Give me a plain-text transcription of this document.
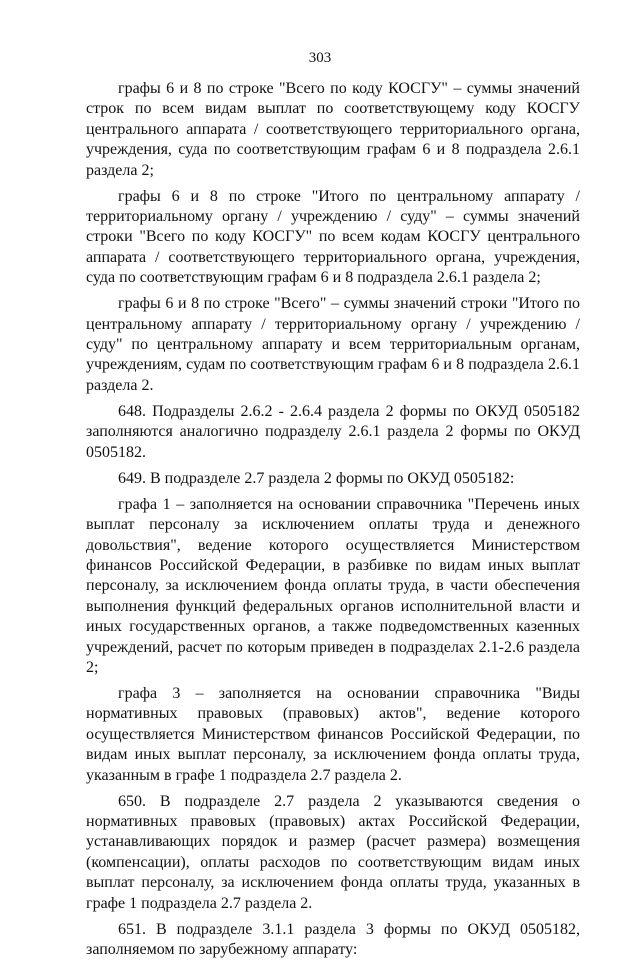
303

графы 6 и 8 по строке "Всего по коду КОСГУ" – суммы значений строк по всем видам выплат по соответствующему коду КОСГУ центрального аппарата / соответствующего территориального органа, учреждения, суда по соответствующим графам 6 и 8 подраздела 2.6.1 раздела 2;

графы 6 и 8 по строке "Итого по центральному аппарату / территориальному органу / учреждению / суду" – суммы значений строки "Всего по коду КОСГУ" по всем кодам КОСГУ центрального аппарата / соответствующего территориального органа, учреждения, суда по соответствующим графам 6 и 8 подраздела 2.6.1 раздела 2;

графы 6 и 8 по строке "Всего" – суммы значений строки "Итого по центральному аппарату / территориальному органу / учреждению / суду" по центральному аппарату и всем территориальным органам, учреждениям, судам по соответствующим графам 6 и 8 подраздела 2.6.1 раздела 2.

648. Подразделы 2.6.2 - 2.6.4 раздела 2 формы по ОКУД 0505182 заполняются аналогично подразделу 2.6.1 раздела 2 формы по ОКУД 0505182.

649. В подразделе 2.7 раздела 2 формы по ОКУД 0505182:

графа 1 – заполняется на основании справочника "Перечень иных выплат персоналу за исключением оплаты труда и денежного довольствия", ведение которого осуществляется Министерством финансов Российской Федерации, в разбивке по видам иных выплат персоналу, за исключением фонда оплаты труда, в части обеспечения выполнения функций федеральных органов исполнительной власти и иных государственных органов, а также подведомственных казенных учреждений, расчет по которым приведен в подразделах 2.1-2.6 раздела 2;

графа 3 – заполняется на основании справочника "Виды нормативных правовых (правовых) актов", ведение которого осуществляется Министерством финансов Российской Федерации, по видам иных выплат персоналу, за исключением фонда оплаты труда, указанным в графе 1 подраздела 2.7 раздела 2.

650. В подразделе 2.7 раздела 2 указываются сведения о нормативных правовых (правовых) актах Российской Федерации, устанавливающих порядок и размер (расчет размера) возмещения (компенсации), оплаты расходов по соответствующим видам иных выплат персоналу, за исключением фонда оплаты труда, указанных в графе 1 подраздела 2.7 раздела 2.

651. В подразделе 3.1.1 раздела 3 формы по ОКУД 0505182, заполняемом по зарубежному аппарату:
